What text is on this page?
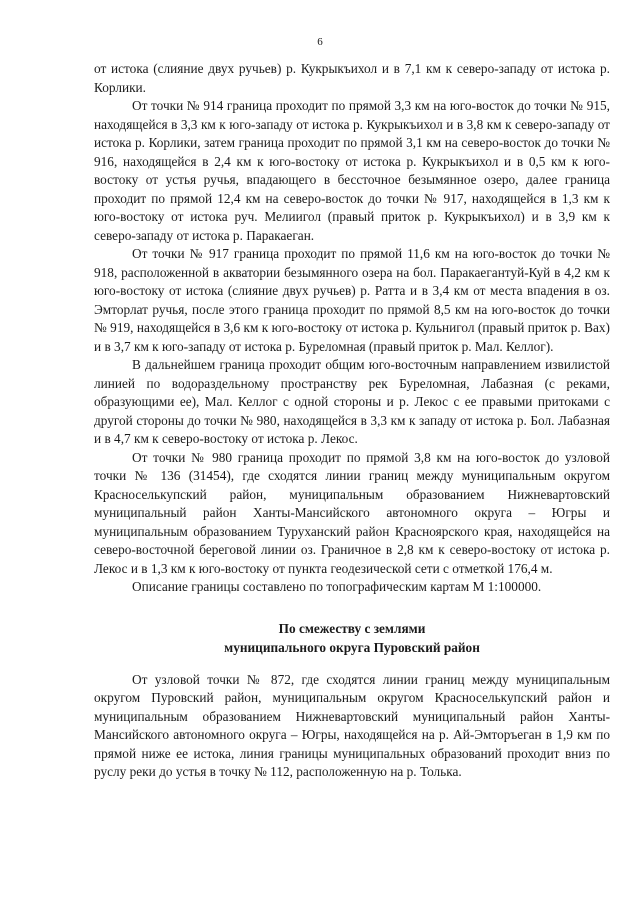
6

от истока (слияние двух ручьев) р. Кукрыкъихол и в 7,1 км к северо-западу от истока р. Корлики.

От точки № 914 граница проходит по прямой 3,3 км на юго-восток до точки № 915, находящейся в 3,3 км к юго-западу от истока р. Кукрыкъихол и в 3,8 км к северо-западу от истока р. Корлики, затем граница проходит по прямой 3,1 км на северо-восток до точки № 916, находящейся в 2,4 км к юго-востоку от истока р. Кукрыкъихол и в 0,5 км к юго-востоку от устья ручья, впадающего в бессточное безымянное озеро, далее граница проходит по прямой 12,4 км на северо-восток до точки № 917, находящейся в 1,3 км к юго-востоку от истока руч. Мелиигол (правый приток р. Кукрыкъихол) и в 3,9 км к северо-западу от истока р. Паракаеган.

От точки № 917 граница проходит по прямой 11,6 км на юго-восток до точки № 918, расположенной в акватории безымянного озера на бол. Паракаегантуй-Куй в 4,2 км к юго-востоку от истока (слияние двух ручьев) р. Ратта и в 3,4 км от места впадения в оз. Эмторлат ручья, после этого граница проходит по прямой 8,5 км на юго-восток до точки № 919, находящейся в 3,6 км к юго-востоку от истока р. Кульнигол (правый приток р. Вах) и в 3,7 км к юго-западу от истока р. Буреломная (правый приток р. Мал. Келлог).

В дальнейшем граница проходит общим юго-восточным направлением извилистой линией по водораздельному пространству рек Буреломная, Лабазная (с реками, образующими ее), Мал. Келлог с одной стороны и р. Лекос с ее правыми притоками с другой стороны до точки № 980, находящейся в 3,3 км к западу от истока р. Бол. Лабазная и в 4,7 км к северо-востоку от истока р. Лекос.

От точки № 980 граница проходит по прямой 3,8 км на юго-восток до узловой точки № 136 (31454), где сходятся линии границ между муниципальным округом Красноселькупский район, муниципальным образованием Нижневартовский муниципальный район Ханты-Мансийского автономного округа – Югры и муниципальным образованием Туруханский район Красноярского края, находящейся на северо-восточной береговой линии оз. Граничное в 2,8 км к северо-востоку от истока р. Лекос и в 1,3 км к юго-востоку от пункта геодезической сети с отметкой 176,4 м.

Описание границы составлено по топографическим картам М 1:100000.

По смежеству с землями
муниципального округа Пуровский район

От узловой точки № 872, где сходятся линии границ между муниципальным округом Пуровский район, муниципальным округом Красноселькупский район и муниципальным образованием Нижневартовский муниципальный район Ханты-Мансийского автономного округа – Югры, находящейся на р. Ай-Эмторъеган в 1,9 км по прямой ниже ее истока, линия границы муниципальных образований проходит вниз по руслу реки до устья в точку № 112, расположенную на р. Толька.
